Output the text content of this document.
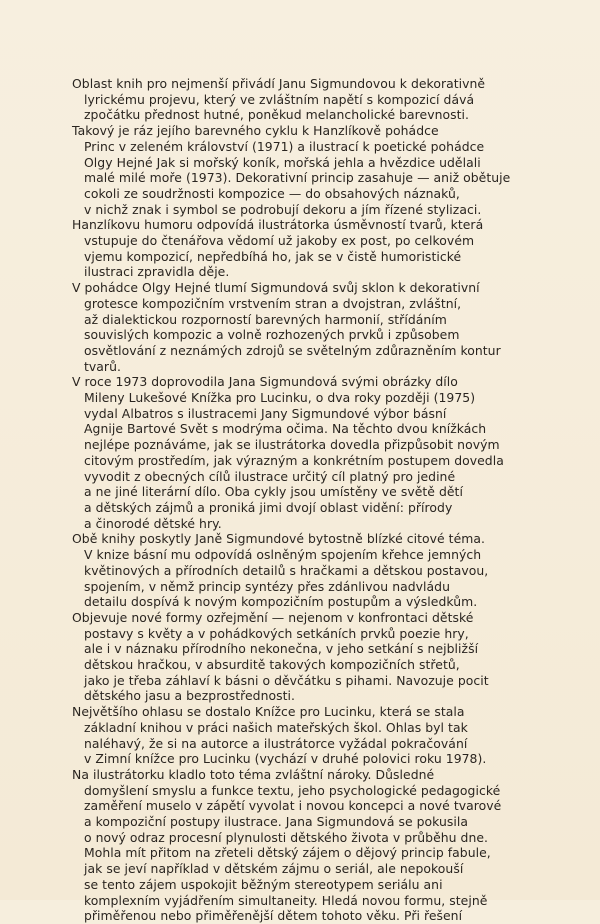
Oblast knih pro nejmenší přivádí Janu Sigmundovou k dekorativně
lyrickému projevu, který ve zvláštním napětí s kompozicí dává
zpočátku přednost hutné, poněkud melancholické barevnosti.

Takový je ráz jejího barevného cyklu k Hanzlíkově pohádce
Princ v zeleném království (1971) a ilustrací k poetické pohádce
Olgy Hejné Jak si mořský koník, mořská jehla a hvězdice udělali
malé milé moře (1973). Dekorativní princip zasahuje — aniž obětuje
cokoli ze soudržnosti kompozice — do obsahových náznaků,
v nichž znak i symbol se podrobují dekoru a jím řízené stylizaci.

Hanzlíkovu humoru odpovídá ilustrátorka úsměvností tvarů, která
vstupuje do čtenářova vědomí už jakoby ex post, po celkovém
vjemu kompozicí, nepředbíhá ho, jak se v čistě humoristické
ilustraci zpravidla děje.

V pohádce Olgy Hejné tlumí Sigmundová svůj sklon k dekorativní
grotesce kompozičním vrstvením stran a dvojstran, zvláštní,
až dialektickou rozporností barevných harmonií, střídáním
souvislých kompozic a volně rozhozených prvků i způsobem
osvětlování z neznámých zdrojů se světelným zdůrazněním kontur
tvarů.

V roce 1973 doprovodila Jana Sigmundová svými obrázky dílo
Mileny Lukešové Knížka pro Lucinku, o dva roky později (1975)
vydal Albatros s ilustracemi Jany Sigmundové výbor básní
Agnije Bartové Svět s modrýma očima. Na těchto dvou knížkách
nejlépe poznáváme, jak se ilustrátorka dovedla přizpůsobit novým
citovým prostředím, jak výrazným a konkrétním postupem dovedla
vyvodit z obecných cílů ilustrace určitý cíl platný pro jediné
a ne jiné literární dílo. Oba cykly jsou umístěny ve světě dětí
a dětských zájmů a proniká jimi dvojí oblast vidění: přírody
a činorodé dětské hry.

Obě knihy poskytly Janě Sigmundové bytostně blízké citové téma.
V knize básní mu odpovídá oslněným spojením křehce jemných
květinových a přírodních detailů s hračkami a dětskou postavou,
spojením, v němž princip syntézy přes zdánlivou nadvládu
detailu dospívá k novým kompozičním postupům a výsledkům.

Objevuje nové formy ozřejmění — nejenom v konfrontaci dětské
postavy s květy a v pohádkových setkáních prvků poezie hry,
ale i v náznaku přírodního nekonečna, v jeho setkání s nejbližší
dětskou hračkou, v absurditě takových kompozičních střetů,
jako je třeba záhlaví k básni o děvčátku s pihami. Navozuje pocit
dětského jasu a bezprostřednosti.

Největšího ohlasu se dostalo Knížce pro Lucinku, která se stala
základní knihou v práci našich mateřských škol. Ohlas byl tak
naléhavý, že si na autorce a ilustrátorce vyžádal pokračování
v Zimní knížce pro Lucinku (vychází v druhé polovici roku 1978).

Na ilustrátorku kladlo toto téma zvláštní nároky. Důsledné
domyšlení smyslu a funkce textu, jeho psychologické pedagogické
zaměření muselo v zápětí vyvolat i novou koncepci a nové tvarové
a kompoziční postupy ilustrace. Jana Sigmundová se pokusila
o nový odraz procesní plynulosti dětského života v průběhu dne.
Mohla mít přitom na zřeteli dětský zájem o dějový princip fabule,
jak se jeví například v dětském zájmu o seriál, ale nepokouší
se tento zájem uspokojit běžným stereotypem seriálu ani
komplexním vyjádřením simultaneity. Hledá novou formu, stejně
přiměřenou nebo přiměřenější dětem tohoto věku. Při řešení
